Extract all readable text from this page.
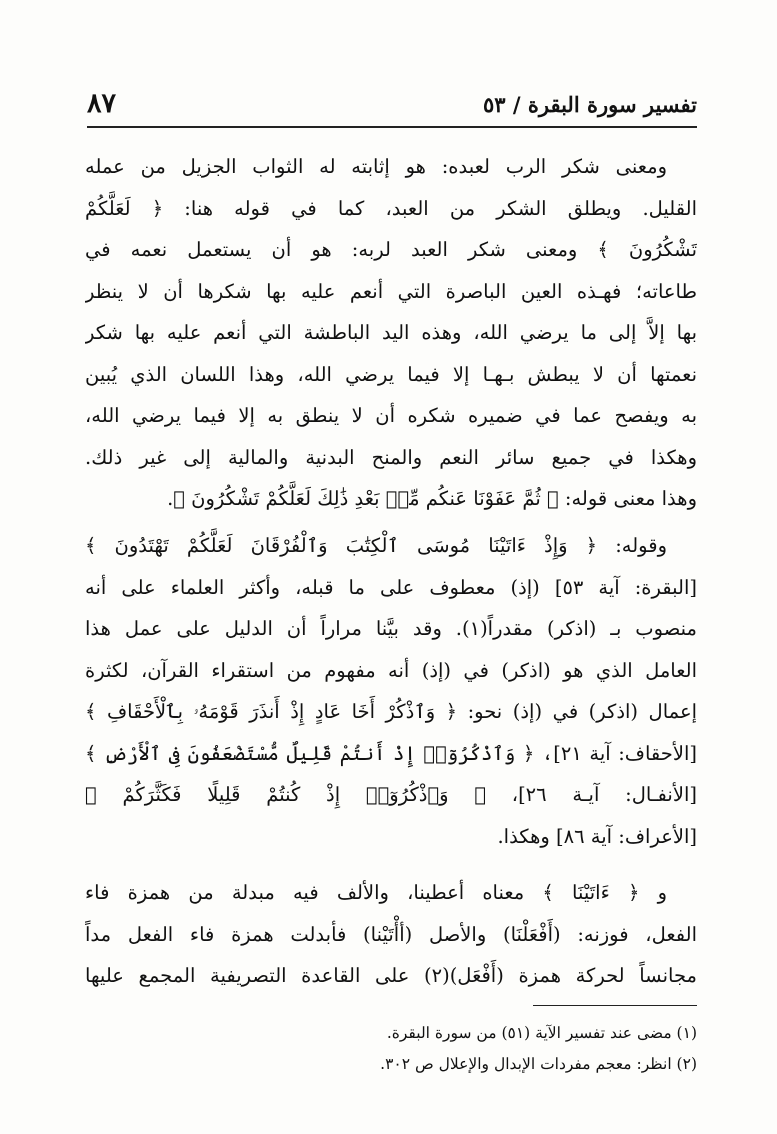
٨٧	تفسير سورة البقرة / ٥٣
ومعنى شكر الرب لعبده: هو إثابته له الثواب الجزيل من عمله
القليل. ويطلق الشكر من العبد، كما في قوله هنا: ﴿ لَعَلَّكُمْ
تَشْكُرُونَ ﴾ ومعنى شكر العبد لربه: هو أن يستعمل نعمه في
طاعاته؛ فهـذه العين الباصرة التي أنعم عليه بها شكرها أن لا ينظر
بها إلاَّ إلى ما يرضي الله، وهذه اليد الباطشة التي أنعم عليه بها شكر
نعمتها أن لا يبطش بـهـا إلا فيما يرضي الله، وهذا اللسان الذي يُبين
به ويفصح عما في ضميره شكره أن لا ينطق به إلا فيما يرضي الله،
وهكذا في جميع سائر النعم والمنح البدنية والمالية إلى غير ذلك.
وهذا معنى قوله: ﴿ ثُمَّ عَفَوْنَا عَنكُم مِّنۢ بَعْدِ ذَٰلِكَ لَعَلَّكُمْ تَشْكُرُونَ ﴾.
وقوله: ﴿ وَإِذْ ءَاتَيْنَا مُوسَى ٱلْكِتَٰبَ وَٱلْفُرْقَانَ لَعَلَّكُمْ تَهْتَدُونَ ﴾
[البقرة: آية ٥٣] (إذ) معطوف على ما قبله، وأكثر العلماء على أنه
منصوب بـ (اذكر) مقدراً(١). وقد بيَّنا مراراً أن الدليل على عمل هذا
العامل الذي هو (اذكر) في (إذ) أنه مفهوم من استقراء القرآن، لكثرة
إعمال (اذكر) في (إذ) نحو: ﴿ وَٱذْكُرْ أَخَا عَادٍ إِذْ أَنذَرَ قَوْمَهُۥ بِٱلْأَحْقَافِ ﴾
[الأحقاف: آية ٢١]، ﴿ وَٱذْكُرُوٓا۟ إِذْ أَنتُمْ قَلِيلٌ مُّسْتَضْعَفُونَ فِى ٱلْأَرْضِ ﴾
[الأنفـال: آيـة ٢٦]، ﴿ وَٱذْكُرُوٓا۟ إِذْ كُنتُمْ قَلِيلًا فَكَثَّرَكُمْ ﴾
[الأعراف: آية ٨٦] وهكذا.
و ﴿ ءَاتَيْنَا ﴾ معناه أعطينا، والألف فيه مبدلة من همزة فاء
الفعل، فوزنه: (أَفْعَلْنَا) والأصل (أأْتَيْنا) فأبدلت همزة فاء الفعل مداً
مجانساً لحركة همزة (أَفْعَل)(٢) على القاعدة التصريفية المجمع عليها
(١) مضى عند تفسير الآية (٥١) من سورة البقرة.
(٢) انظر: معجم مفردات الإبدال والإعلال ص ٣٠٢.
